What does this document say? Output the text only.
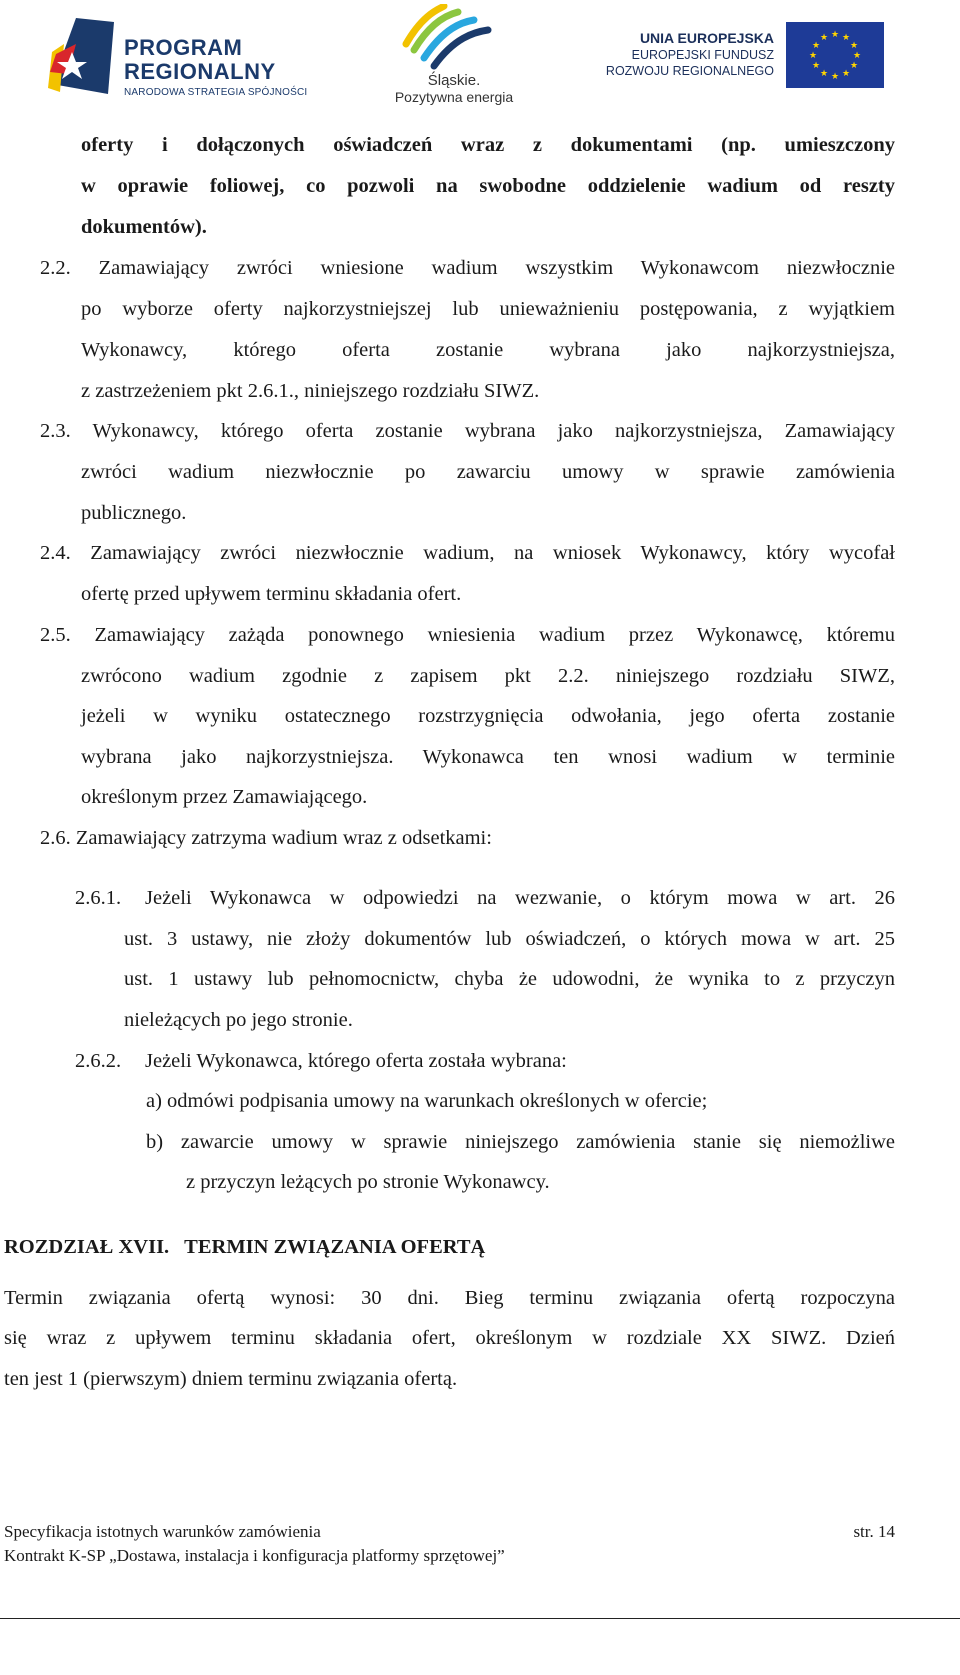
PROGRAM
REGIONALNY
NARODOWA STRATEGIA SPÓJNOŚCI
Śląskie.
Pozytywna energia
UNIA EUROPEJSKA
EUROPEJSKI FUNDUSZ
ROZWOJU REGIONALNEGO
★ ★
★
★
★
★
★
★
★
★
★
★
oferty i dołączonych oświadczeń wraz z dokumentami (np. umieszczony
w oprawie foliowej, co pozwoli na swobodne oddzielenie wadium od reszty
dokumentów).
2.2. Zamawiający zwróci wniesione wadium wszystkim Wykonawcom niezwłocznie
po wyborze oferty najkorzystniejszej lub unieważnieniu postępowania, z wyjątkiem
Wykonawcy, którego oferta zostanie wybrana jako najkorzystniejsza,
z zastrzeżeniem pkt 2.6.1., niniejszego rozdziału SIWZ.
2.3. Wykonawcy, którego oferta zostanie wybrana jako najkorzystniejsza, Zamawiający
zwróci wadium niezwłocznie po zawarciu umowy w sprawie zamówienia
publicznego.
2.4. Zamawiający zwróci niezwłocznie wadium, na wniosek Wykonawcy, który wycofał
ofertę przed upływem terminu składania ofert.
2.5. Zamawiający zażąda ponownego wniesienia wadium przez Wykonawcę, któremu
zwrócono wadium zgodnie z zapisem pkt 2.2. niniejszego rozdziału SIWZ,
jeżeli w wyniku ostatecznego rozstrzygnięcia odwołania, jego oferta zostanie
wybrana jako najkorzystniejsza. Wykonawca ten wnosi wadium w terminie
określonym przez Zamawiającego.
2.6. Zamawiający zatrzyma wadium wraz z odsetkami:
2.6.1.	Jeżeli Wykonawca w odpowiedzi na wezwanie, o którym mowa w art. 26
ust. 3 ustawy, nie złoży dokumentów lub oświadczeń, o których mowa w art. 25
ust. 1 ustawy lub pełnomocnictw, chyba że udowodni, że wynika to z przyczyn
nieleżących po jego stronie.
2.6.2.	Jeżeli Wykonawca, którego oferta została wybrana:
a) odmówi podpisania umowy na warunkach określonych w ofercie;
b) zawarcie umowy w sprawie niniejszego zamówienia stanie się niemożliwe
z przyczyn leżących po stronie Wykonawcy.
ROZDZIAŁ XVII.   TERMIN ZWIĄZANIA OFERTĄ
Termin związania ofertą wynosi: 30 dni. Bieg terminu związania ofertą rozpoczyna
się wraz z upływem terminu składania ofert, określonym w rozdziale XX SIWZ. Dzień
ten jest 1 (pierwszym) dniem terminu związania ofertą.
Specyfikacja istotnych warunków zamówienia	str. 14
Kontrakt K-SP „Dostawa, instalacja i konfiguracja platformy sprzętowej”
